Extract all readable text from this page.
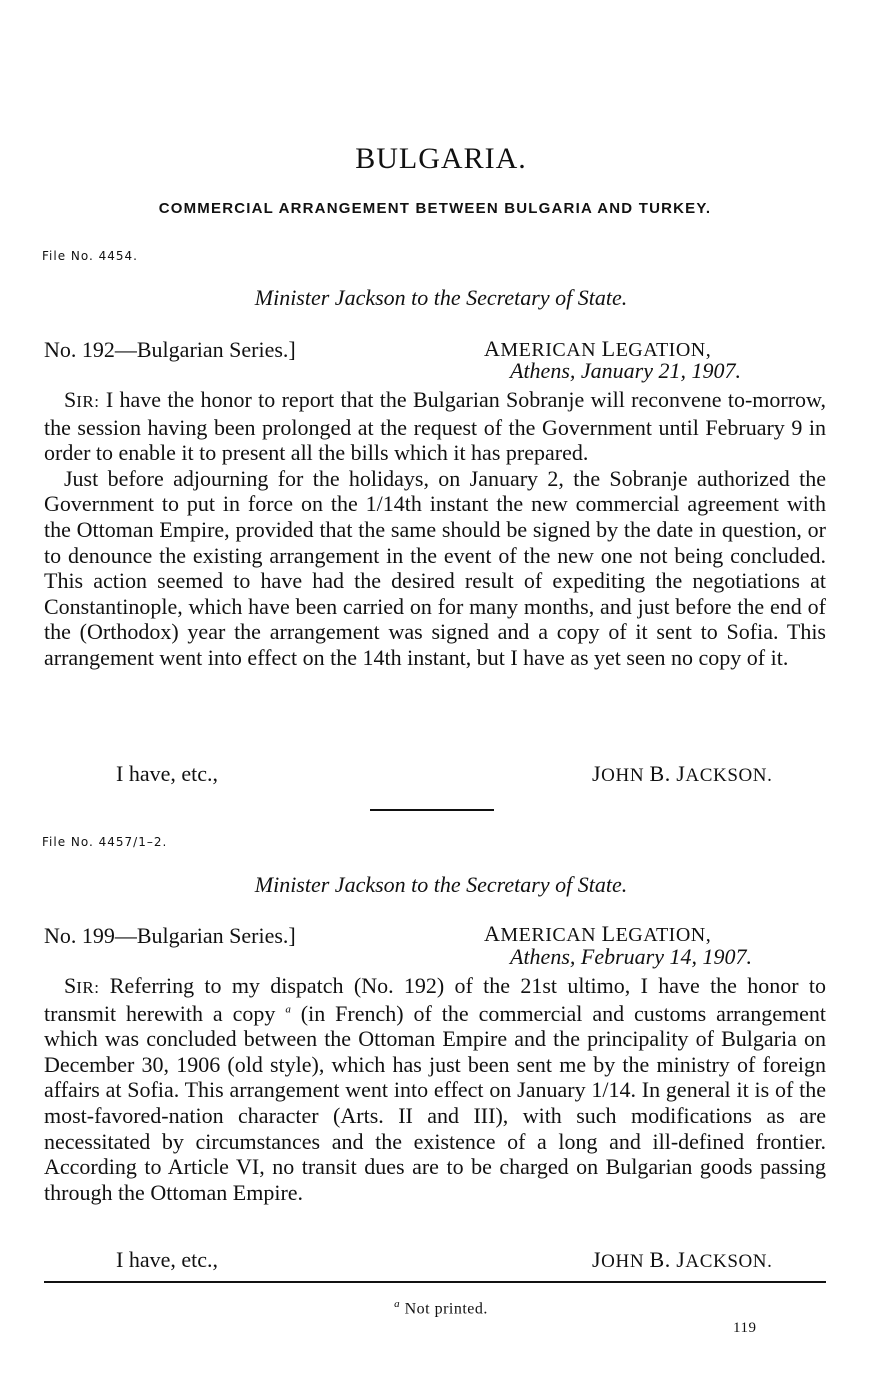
BULGARIA.
COMMERCIAL ARRANGEMENT BETWEEN BULGARIA AND TURKEY.
File No. 4454.
Minister Jackson to the Secretary of State.
No. 192—Bulgarian Series.]	AMERICAN LEGATION,
Athens, January 21, 1907.

SIR: I have the honor to report that the Bulgarian Sobranje will reconvene to-morrow, the session having been prolonged at the request of the Government until February 9 in order to enable it to present all the bills which it has prepared.

Just before adjourning for the holidays, on January 2, the Sobranje authorized the Government to put in force on the 1/14th instant the new commercial agreement with the Ottoman Empire, provided that the same should be signed by the date in question, or to denounce the existing arrangement in the event of the new one not being concluded. This action seemed to have had the desired result of expediting the negotiations at Constantinople, which have been carried on for many months, and just before the end of the (Orthodox) year the arrangement was signed and a copy of it sent to Sofia. This arrangement went into effect on the 14th instant, but I have as yet seen no copy of it.

I have, etc.,	JOHN B. JACKSON.
File No. 4457/1–2.
Minister Jackson to the Secretary of State.
No. 199—Bulgarian Series.]	AMERICAN LEGATION,
Athens, February 14, 1907.

SIR: Referring to my dispatch (No. 192) of the 21st ultimo, I have the honor to transmit herewith a copy $^a$ (in French) of the commercial and customs arrangement which was concluded between the Ottoman Empire and the principality of Bulgaria on December 30, 1906 (old style), which has just been sent me by the ministry of foreign affairs at Sofia. This arrangement went into effect on January 1/14. In general it is of the most-favored-nation character (Arts. II and III), with such modifications as are necessitated by circumstances and the existence of a long and ill-defined frontier. According to Article VI, no transit dues are to be charged on Bulgarian goods passing through the Ottoman Empire.

I have, etc.,	JOHN B. JACKSON.
$^a$ Not printed.
119
